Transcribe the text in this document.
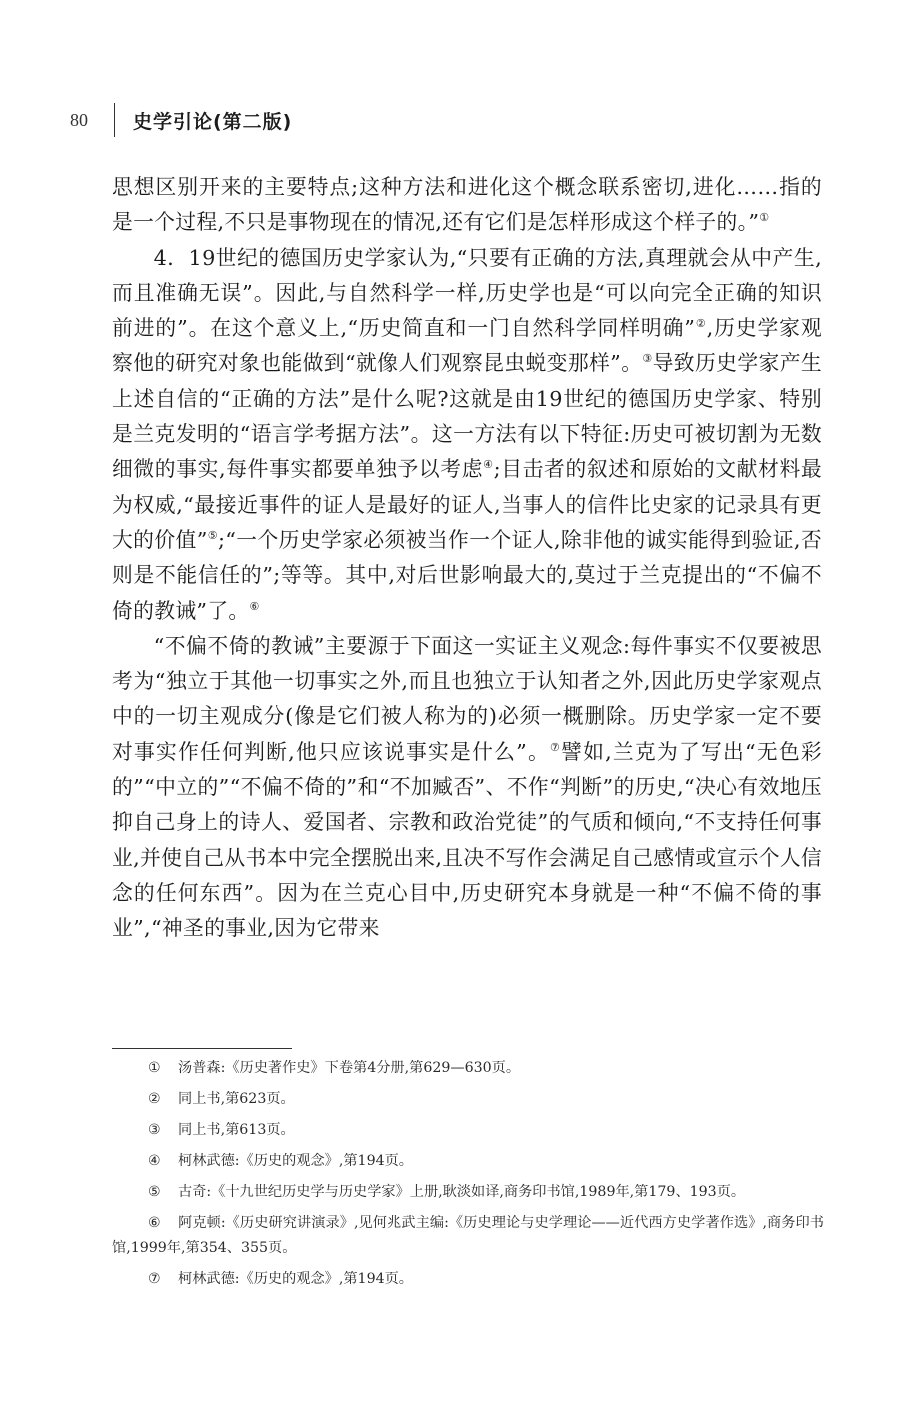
80 史学引论(第二版)

思想区别开来的主要特点;这种方法和进化这个概念联系密切,进化……指的是一个过程,不只是事物现在的情况,还有它们是怎样形成这个样子的。”①

4．19世纪的德国历史学家认为,“只要有正确的方法,真理就会从中产生,而且准确无误”。因此,与自然科学一样,历史学也是“可以向完全正确的知识前进的”。在这个意义上,“历史简直和一门自然科学同样明确”②,历史学家观察他的研究对象也能做到“就像人们观察昆虫蜕变那样”。③导致历史学家产生上述自信的“正确的方法”是什么呢?这就是由19世纪的德国历史学家、特别是兰克发明的“语言学考据方法”。这一方法有以下特征:历史可被切割为无数细微的事实,每件事实都要单独予以考虑④;目击者的叙述和原始的文献材料最为权威,“最接近事件的证人是最好的证人,当事人的信件比史家的记录具有更大的价值”⑤;“一个历史学家必须被当作一个证人,除非他的诚实能得到验证,否则是不能信任的”;等等。其中,对后世影响最大的,莫过于兰克提出的“不偏不倚的教诫”了。⑥

“不偏不倚的教诫”主要源于下面这一实证主义观念:每件事实不仅要被思考为“独立于其他一切事实之外,而且也独立于认知者之外,因此历史学家观点中的一切主观成分(像是它们被人称为的)必须一概删除。历史学家一定不要对事实作任何判断,他只应该说事实是什么”。⑦譬如,兰克为了写出“无色彩的”“中立的”“不偏不倚的”和“不加臧否”、不作“判断”的历史,“决心有效地压抑自己身上的诗人、爱国者、宗教和政治党徒”的气质和倾向,“不支持任何事业,并使自己从书本中完全摆脱出来,且决不写作会满足自己感情或宣示个人信念的任何东西”。因为在兰克心目中,历史研究本身就是一种“不偏不倚的事业”,“神圣的事业,因为它带来

① 汤普森:《历史著作史》下卷第4分册,第629—630页。

② 同上书,第623页。

③ 同上书,第613页。

④ 柯林武德:《历史的观念》,第194页。

⑤ 古奇:《十九世纪历史学与历史学家》上册,耿淡如译,商务印书馆,1989年,第179、193页。

⑥ 阿克顿:《历史研究讲演录》,见何兆武主编:《历史理论与史学理论——近代西方史学著作选》,商务印书馆,1999年,第354、355页。

⑦ 柯林武德:《历史的观念》,第194页。
